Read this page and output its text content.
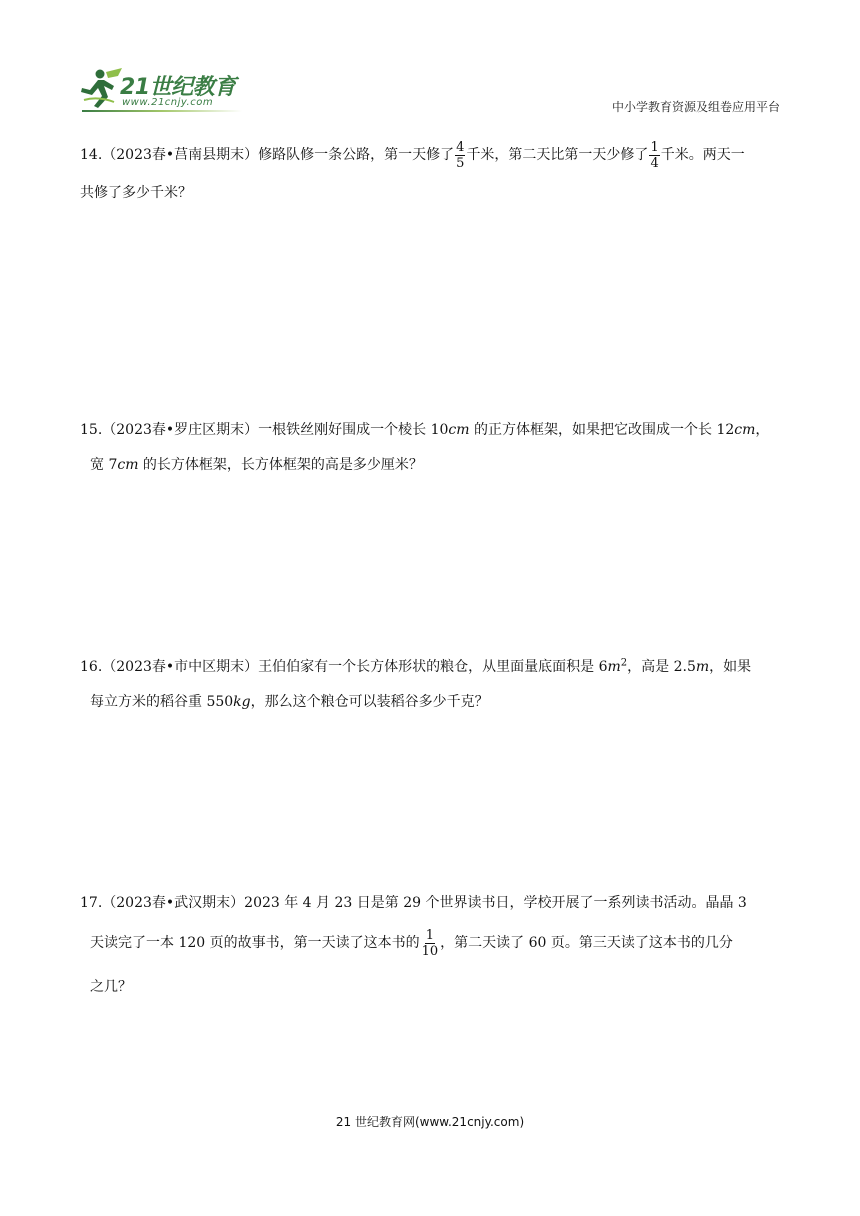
21世纪教育
www.21cnjy.com	中小学教育资源及组卷应用平台
14. （2023春•莒南县期末） 修路队修一条公路，第一天修了 $\frac{4}{5}$ 千米，第二天比第一天少修了 $\frac{1}{4}$ 千米。两天一
共修了多少千米？
15.（2023春•罗庄区期末）一根铁丝刚好围成一个棱长 10cm 的正方体框架，如果把它改围成一个长 12cm，
宽 7cm 的长方体框架，长方体框架的高是多少厘米？
16.（2023春•市中区期末）王伯伯家有一个长方体形状的粮仓，从里面量底面积是 $6m^2$，高是 2.5m，如果
每立方米的稻谷重 550kg，那么这个粮仓可以装稻谷多少千克？
17.（2023春•武汉期末）2023 年 4 月 23 日是第 29 个世界读书日，学校开展了一系列读书活动。晶晶 3
天读完了一本 120 页的故事书，第一天读了这本书的 $\frac{1}{10}$ ，第二天读了 60 页。第三天读了这本书的几分
之几？
21 世纪教育网(www.21cnjy.com)
